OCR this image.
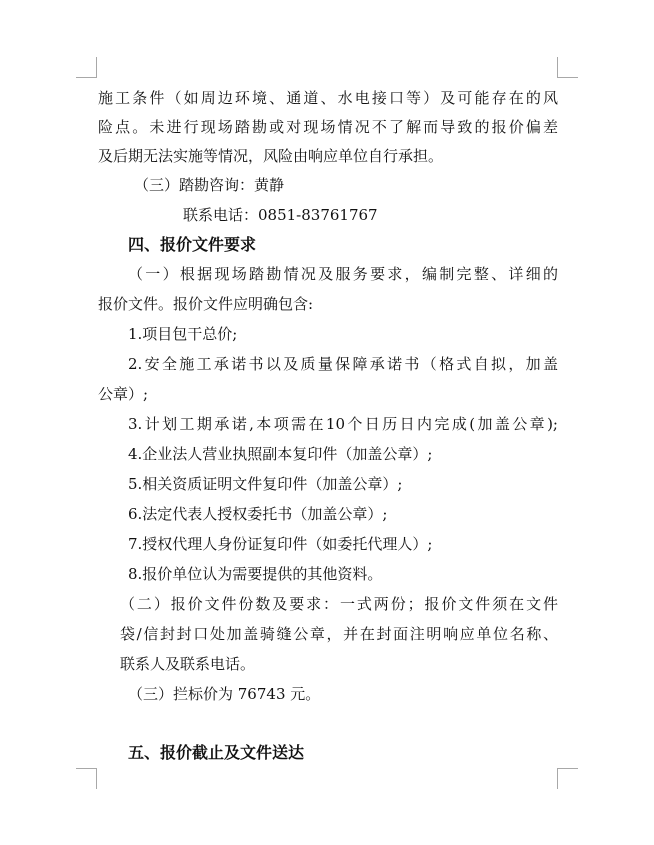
施工条件（如周边环境、通道、水电接口等）及可能存在的风
险点。未进行现场踏勘或对现场情况不了解而导致的报价偏差
及后期无法实施等情况，风险由响应单位自行承担。
（三）踏勘咨询：黄静
联系电话：0851-83761767
四、报价文件要求
（一）根据现场踏勘情况及服务要求，编制完整、详细的
报价文件。报价文件应明确包含:
1.项目包干总价;
2.安全施工承诺书以及质量保障承诺书（格式自拟，加盖
公章）;
3.计划工期承诺,本项需在10个日历日内完成(加盖公章);
4.企业法人营业执照副本复印件（加盖公章）;
5.相关资质证明文件复印件（加盖公章）;
6.法定代表人授权委托书（加盖公章）;
7.授权代理人身份证复印件（如委托代理人）;
8.报价单位认为需要提供的其他资料。
（二）报价文件份数及要求：一式两份；报价文件须在文件
袋/信封封口处加盖骑缝公章，并在封面注明响应单位名称、
联系人及联系电话。
（三）拦标价为 76743 元。
五、报价截止及文件送达
